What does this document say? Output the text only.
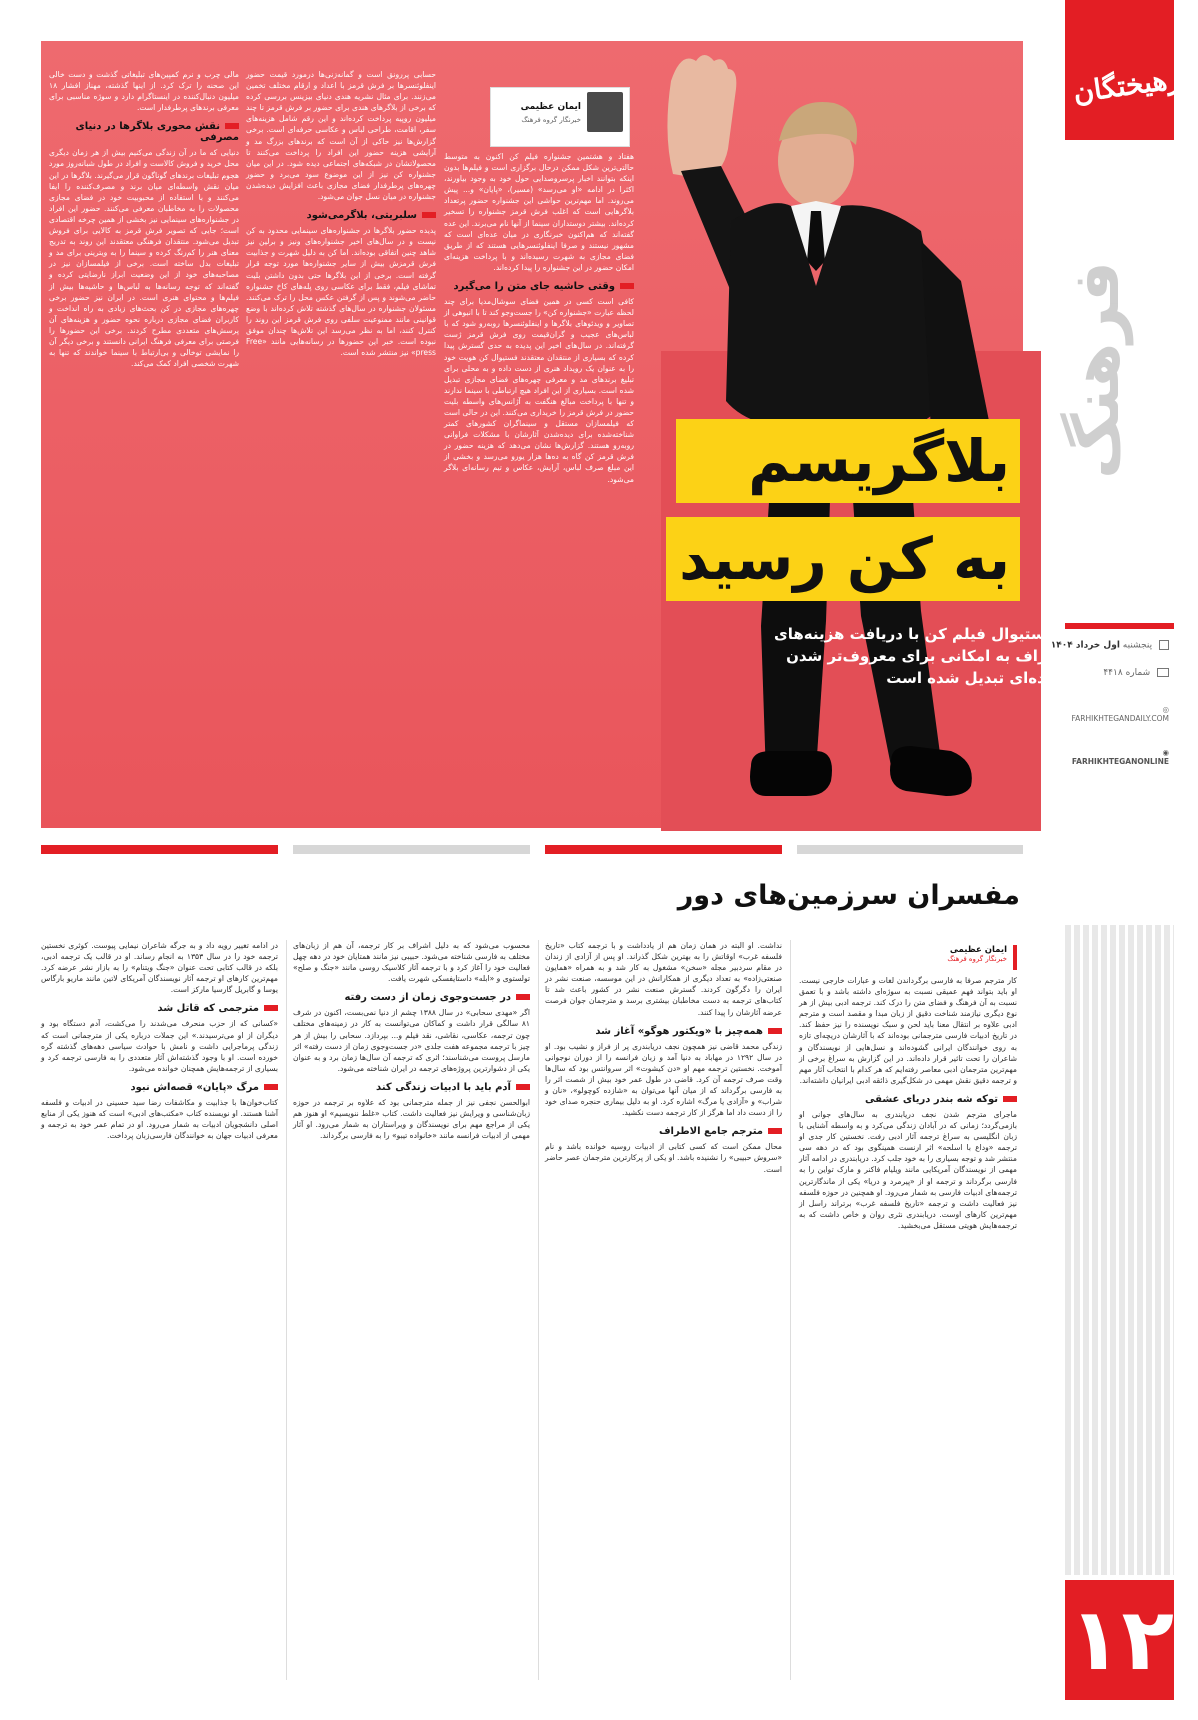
فرهیختگان
فرهنگ
پنجشنبه اول خرداد ۱۴۰۴
شماره ۴۴۱۸
◎
FARHIKHTEGANDAILY.COM
◉
FARHIKHTEGANONLINE
۱۲
بلاگریسم
به کن رسید
فستیوال فیلم کن با دریافت هزینه‌های گزاف به امکانی برای معروف‌تر شدن عده‌ای تبدیل شده است
ایمان عظیمی
خبرنگار گروه فرهنگ

هفتاد و هشتمین جشنواره فیلم کن اکنون به متوسط حالتی‌ترین شکل ممکن درحال برگزاری است و فیلم‌ها بدون اینکه بتوانند اخبار پرسروصدایی حول خود به وجود بیاورند، اکثرا در ادامه «او می‌رسد» (مسیر)، «پایان» و... پیش می‌روند. اما مهم‌ترین حواشی این جشنواره حضور پرتعداد بلاگرهایی است که اغلب فرش قرمز جشنواره را تسخیر کرده‌اند. بیشتر دوستداران سینما از آنها نام می‌برند. این عده گفته‌اند که هم‌اکنون خبرنگاری در میان عده‌ای است که مشهور نیستند و صرفا اینفلوئنسرهایی هستند که از طریق فضای مجازی به شهرت رسیده‌اند و با پرداخت هزینه‌ای امکان حضور در این جشنواره را پیدا کرده‌اند.

وقتی حاشیه جای متن را می‌گیرد

کافی است کسی در همین فضای سوشال‌مدیا برای چند لحظه عبارت «جشنواره کن» را جست‌وجو کند تا با انبوهی از تصاویر و ویدئوهای بلاگرها و اینفلوئنسرها روبه‌رو شود که با لباس‌های عجیب و گران‌قیمت روی فرش قرمز ژست گرفته‌اند. در سال‌های اخیر این پدیده به حدی گسترش پیدا کرده که بسیاری از منتقدان معتقدند فستیوال کن هویت خود را به عنوان یک رویداد هنری از دست داده و به محلی برای تبلیغ برندهای مد و معرفی چهره‌های فضای مجازی تبدیل شده است. بسیاری از این افراد هیچ ارتباطی با سینما ندارند و تنها با پرداخت مبالغ هنگفت به آژانس‌های واسطه بلیت حضور در فرش قرمز را خریداری می‌کنند. این در حالی است که فیلمسازان مستقل و سینماگران کشورهای کمتر شناخته‌شده برای دیده‌شدن آثارشان با مشکلات فراوانی روبه‌رو هستند. گزارش‌ها نشان می‌دهد که هزینه حضور در فرش قرمز کن گاه به ده‌ها هزار یورو می‌رسد و بخشی از این مبلغ صرف لباس، آرایش، عکاس و تیم رسانه‌ای بلاگر می‌شود.

حسابی پررونق است و گمانه‌زنی‌ها درمورد قیمت حضور اینفلوئنسرها بر فرش قرمز با اعداد و ارقام مختلف تخمین می‌زنند. برای مثال نشریه هندی دنیای بیزینس بررسی کرده که برخی از بلاگرهای هندی برای حضور بر فرش قرمز تا چند میلیون روپیه پرداخت کرده‌اند و این رقم شامل هزینه‌های سفر، اقامت، طراحی لباس و عکاسی حرفه‌ای است. برخی گزارش‌ها نیز حاکی از آن است که برندهای بزرگ مد و آرایشی هزینه حضور این افراد را پرداخت می‌کنند تا محصولاتشان در شبکه‌های اجتماعی دیده شود. در این میان جشنواره کن نیز از این موضوع سود می‌برد و حضور چهره‌های پرطرفدار فضای مجازی باعث افزایش دیده‌شدن جشنواره در میان نسل جوان می‌شود.

سلبریتی، بلاگرمی‌شود

پدیده حضور بلاگرها در جشنواره‌های سینمایی محدود به کن نیست و در سال‌های اخیر جشنواره‌های ونیز و برلین نیز شاهد چنین اتفاقی بوده‌اند. اما کن به دلیل شهرت و جذابیت فرش قرمزش بیش از سایر جشنواره‌ها مورد توجه قرار گرفته است. برخی از این بلاگرها حتی بدون داشتن بلیت تماشای فیلم، فقط برای عکاسی روی پله‌های کاخ جشنواره حاضر می‌شوند و پس از گرفتن عکس محل را ترک می‌کنند. مسئولان جشنواره در سال‌های گذشته تلاش کرده‌اند با وضع قوانینی مانند ممنوعیت سلفی روی فرش قرمز این روند را کنترل کنند، اما به نظر می‌رسد این تلاش‌ها چندان موفق نبوده است. خبر این حضورها در رسانه‌هایی مانند «Free press» نیز منتشر شده است.

مالی چرب و نرم کمپین‌های تبلیغاتی گذشت و دست خالی این صحنه را ترک کرد. از اینها گذشته، مهناز افشار ۱۸ میلیون دنبال‌کننده در اینستاگرام دارد و سوژه مناسبی برای معرفی برندهای پرطرفدار است.

نقش محوری بلاگرها در دنیای مصرفی

دنیایی که ما در آن زندگی می‌کنیم بیش از هر زمان دیگری محل خرید و فروش کالاست و افراد در طول شبانه‌روز مورد هجوم تبلیغات برندهای گوناگون قرار می‌گیرند. بلاگرها در این میان نقش واسطه‌ای میان برند و مصرف‌کننده را ایفا می‌کنند و با استفاده از محبوبیت خود در فضای مجازی محصولات را به مخاطبان معرفی می‌کنند. حضور این افراد در جشنواره‌های سینمایی نیز بخشی از همین چرخه اقتصادی است؛ جایی که تصویر فرش قرمز به کالایی برای فروش تبدیل می‌شود. منتقدان فرهنگی معتقدند این روند به تدریج معنای هنر را کم‌رنگ کرده و سینما را به ویترینی برای مد و تبلیغات بدل ساخته است. برخی از فیلمسازان نیز در مصاحبه‌های خود از این وضعیت ابراز نارضایتی کرده و گفته‌اند که توجه رسانه‌ها به لباس‌ها و حاشیه‌ها بیش از فیلم‌ها و محتوای هنری است. در ایران نیز حضور برخی چهره‌های مجازی در کن بحث‌های زیادی به راه انداخت و کاربران فضای مجازی درباره نحوه حضور و هزینه‌های آن پرسش‌های متعددی مطرح کردند. برخی این حضورها را فرصتی برای معرفی فرهنگ ایرانی دانستند و برخی دیگر آن را نمایشی توخالی و بی‌ارتباط با سینما خواندند که تنها به شهرت شخصی افراد کمک می‌کند.

مفسران سرزمین‌های دور
ایمان عظیمی
خبرنگار گروه فرهنگ

کار مترجم صرفا به فارسی برگرداندن لغات و عبارات خارجی نیست. او باید بتواند فهم عمیقی نسبت به سوژه‌ای داشته باشد و با تعمق نسبت به آن فرهنگ و فضای متن را درک کند. ترجمه ادبی بیش از هر نوع دیگری نیازمند شناخت دقیق از زبان مبدا و مقصد است و مترجم ادبی علاوه بر انتقال معنا باید لحن و سبک نویسنده را نیز حفظ کند. در تاریخ ادبیات فارسی مترجمانی بوده‌اند که با آثارشان دریچه‌ای تازه به روی خوانندگان ایرانی گشوده‌اند و نسل‌هایی از نویسندگان و شاعران را تحت تاثیر قرار داده‌اند. در این گزارش به سراغ برخی از مهم‌ترین مترجمان ادبی معاصر رفته‌ایم که هر کدام با انتخاب آثار مهم و ترجمه دقیق نقش مهمی در شکل‌گیری ذائقه ادبی ایرانیان داشته‌اند.

توکه شه بندر دریای عشقی

ماجرای مترجم شدن نجف دریابندری به سال‌های جوانی او بازمی‌گردد؛ زمانی که در آبادان زندگی می‌کرد و به واسطه آشنایی با زبان انگلیسی به سراغ ترجمه آثار ادبی رفت. نخستین کار جدی او ترجمه «وداع با اسلحه» اثر ارنست همینگوی بود که در دهه سی منتشر شد و توجه بسیاری را به خود جلب کرد. دریابندری در ادامه آثار مهمی از نویسندگان آمریکایی مانند ویلیام فاکنر و مارک تواین را به فارسی برگرداند و ترجمه او از «پیرمرد و دریا» یکی از ماندگارترین ترجمه‌های ادبیات فارسی به شمار می‌رود. او همچنین در حوزه فلسفه نیز فعالیت داشت و ترجمه «تاریخ فلسفه غرب» برتراند راسل از مهم‌ترین کارهای اوست. دریابندری نثری روان و خاص داشت که به ترجمه‌هایش هویتی مستقل می‌بخشید.

نداشت. او البته در همان زمان هم از یادداشت و با ترجمه کتاب «تاریخ فلسفه غرب» اوقاتش را به بهترین شکل گذراند. او پس از آزادی از زندان در مقام سردبیر مجله «سخن» مشغول به کار شد و به همراه «همایون صنعتی‌زاده» به تعداد دیگری از همکارانش در این موسسه، صنعت نشر در ایران را دگرگون کردند. گسترش صنعت نشر در کشور باعث شد تا کتاب‌های ترجمه به دست مخاطبان بیشتری برسد و مترجمان جوان فرصت عرضه آثارشان را پیدا کنند.

همه‌چیز با «ویکتور هوگو» آغاز شد

زندگی محمد قاضی نیز همچون نجف دریابندری پر از فراز و نشیب بود. او در سال ۱۲۹۲ در مهاباد به دنیا آمد و زبان فرانسه را از دوران نوجوانی آموخت. نخستین ترجمه مهم او «دن کیشوت» اثر سروانتس بود که سال‌ها وقت صرف ترجمه آن کرد. قاضی در طول عمر خود بیش از شصت اثر را به فارسی برگرداند که از میان آنها می‌توان به «شازده کوچولو»، «نان و شراب» و «آزادی یا مرگ» اشاره کرد. او به دلیل بیماری حنجره صدای خود را از دست داد اما هرگز از کار ترجمه دست نکشید.

مترجم جامع الاطراف

محال ممکن است که کسی کتابی از ادبیات روسیه خوانده باشد و نام «سروش حبیبی» را نشنیده باشد. او یکی از پرکارترین مترجمان عصر حاضر است.

محسوب می‌شود که به دلیل اشراف بر کار ترجمه، آن هم از زبان‌های مختلف به فارسی شناخته می‌شود. حبیبی نیز مانند همتایان خود در دهه چهل فعالیت خود را آغاز کرد و با ترجمه آثار کلاسیک روسی مانند «جنگ و صلح» تولستوی و «ابله» داستایفسکی شهرت یافت.

در جست‌وجوی زمان از دست رفته

اگر «مهدی سحابی» در سال ۱۳۸۸ چشم از دنیا نمی‌بست، اکنون در شرف ۸۱ سالگی قرار داشت و کماکان می‌توانست به کار در زمینه‌های مختلف چون ترجمه، عکاسی، نقاشی، نقد فیلم و... بپردازد. سحابی را بیش از هر چیز با ترجمه مجموعه هفت جلدی «در جست‌وجوی زمان از دست رفته» اثر مارسل پروست می‌شناسند؛ اثری که ترجمه آن سال‌ها زمان برد و به عنوان یکی از دشوارترین پروژه‌های ترجمه در ایران شناخته می‌شود.

آدم باید با ادبیات زندگی کند

ابوالحسن نجفی نیز از جمله مترجمانی بود که علاوه بر ترجمه در حوزه زبان‌شناسی و ویرایش نیز فعالیت داشت. کتاب «غلط ننویسیم» او هنوز هم یکی از مراجع مهم برای نویسندگان و ویراستاران به شمار می‌رود. او آثار مهمی از ادبیات فرانسه مانند «خانواده تیبو» را به فارسی برگرداند.

در ادامه تغییر رویه داد و به جرگه شاعران نیمایی پیوست. کوثری نخستین ترجمه خود را در سال ۱۳۵۳ به انجام رساند. او در قالب یک ترجمه ادبی، بلکه در قالب کتابی تحت عنوان «جنگ ویتنام» را به بازار نشر عرضه کرد. مهم‌ترین کارهای او ترجمه آثار نویسندگان آمریکای لاتین مانند ماریو بارگاس یوسا و گابریل گارسیا مارکز است.

مترجمی که قاتل شد

«کسانی که از حزب منحرف می‌شدند را می‌کشت، آدم دستگاه بود و دیگران از او می‌ترسیدند.» این جملات درباره یکی از مترجمانی است که زندگی پرماجرایی داشت و نامش با حوادث سیاسی دهه‌های گذشته گره خورده است. او با وجود گذشته‌اش آثار متعددی را به فارسی ترجمه کرد و بسیاری از ترجمه‌هایش همچنان خوانده می‌شود.

مرگ «پایان» قصه‌اش نبود

کتاب‌خوان‌ها با جذابیت و مکاشفات رضا سید حسینی در ادبیات و فلسفه آشنا هستند. او نویسنده کتاب «مکتب‌های ادبی» است که هنوز یکی از منابع اصلی دانشجویان ادبیات به شمار می‌رود. او در تمام عمر خود به ترجمه و معرفی ادبیات جهان به خوانندگان فارسی‌زبان پرداخت.
